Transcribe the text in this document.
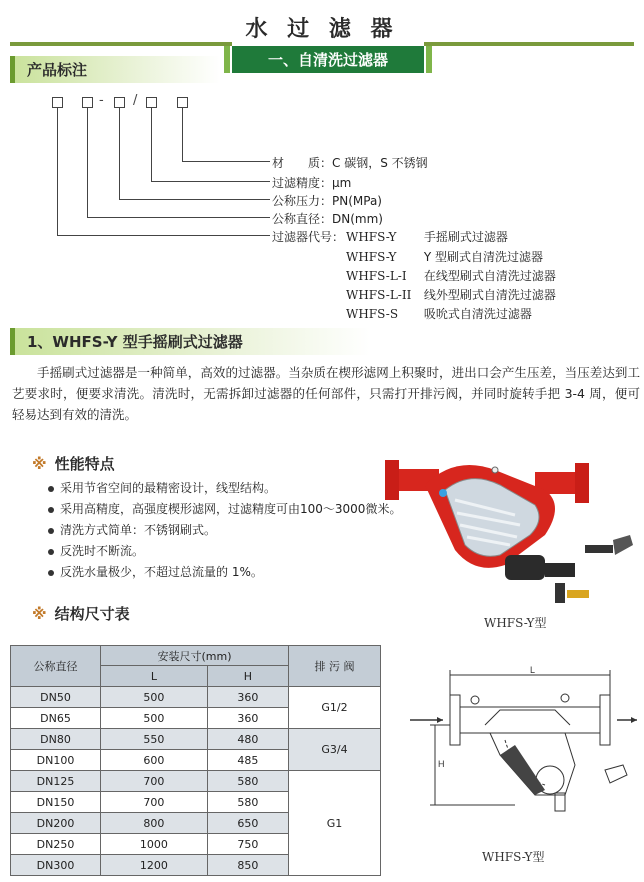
水 过 滤 器
一、自清洗过滤器
产品标注
- /
材　　质：C 碳钢，S 不锈钢
过滤精度：μm
公称压力：PN(MPa)
公称直径：DN(mm)
过滤器代号： WHFS-Y 手摇刷式过滤器
WHFS-Y Y 型刷式自清洗过滤器
WHFS-L-I 在线型刷式自清洗过滤器
WHFS-L-II 线外型刷式自清洗过滤器
WHFS-S 吸吮式自清洗过滤器
1、WHFS-Y 型手摇刷式过滤器

手摇刷式过滤器是一种简单，高效的过滤器。当杂质在楔形滤网上积聚时，进出口会产生压差，当压差达到工艺要求时，便要求清洗。清洗时，无需拆卸过滤器的任何部件，只需打开排污阀，并同时旋转手把 3-4 周，便可轻易达到有效的清洗。

※ 性能特点
采用节省空间的最精密设计，线型结构。
采用高精度，高强度楔形滤网，过滤精度可由100～3000微米。
清洗方式简单：不锈钢刷式。
反洗时不断流。
反洗水量极少，不超过总流量的 1%。
WHFS-Y型
※ 结构尺寸表
公称直径	安装尺寸(mm)		排 污 阀
	L	H	
DN50	500	360	G1/2
DN65	500	360	
DN80	550	480	G3/4
DN100	600	485	
DN125	700	580	G1
DN150	700	580	
DN200	800	650	
DN250	1000	750	
DN300	1200	850	
L
H
WHFS-Y型
